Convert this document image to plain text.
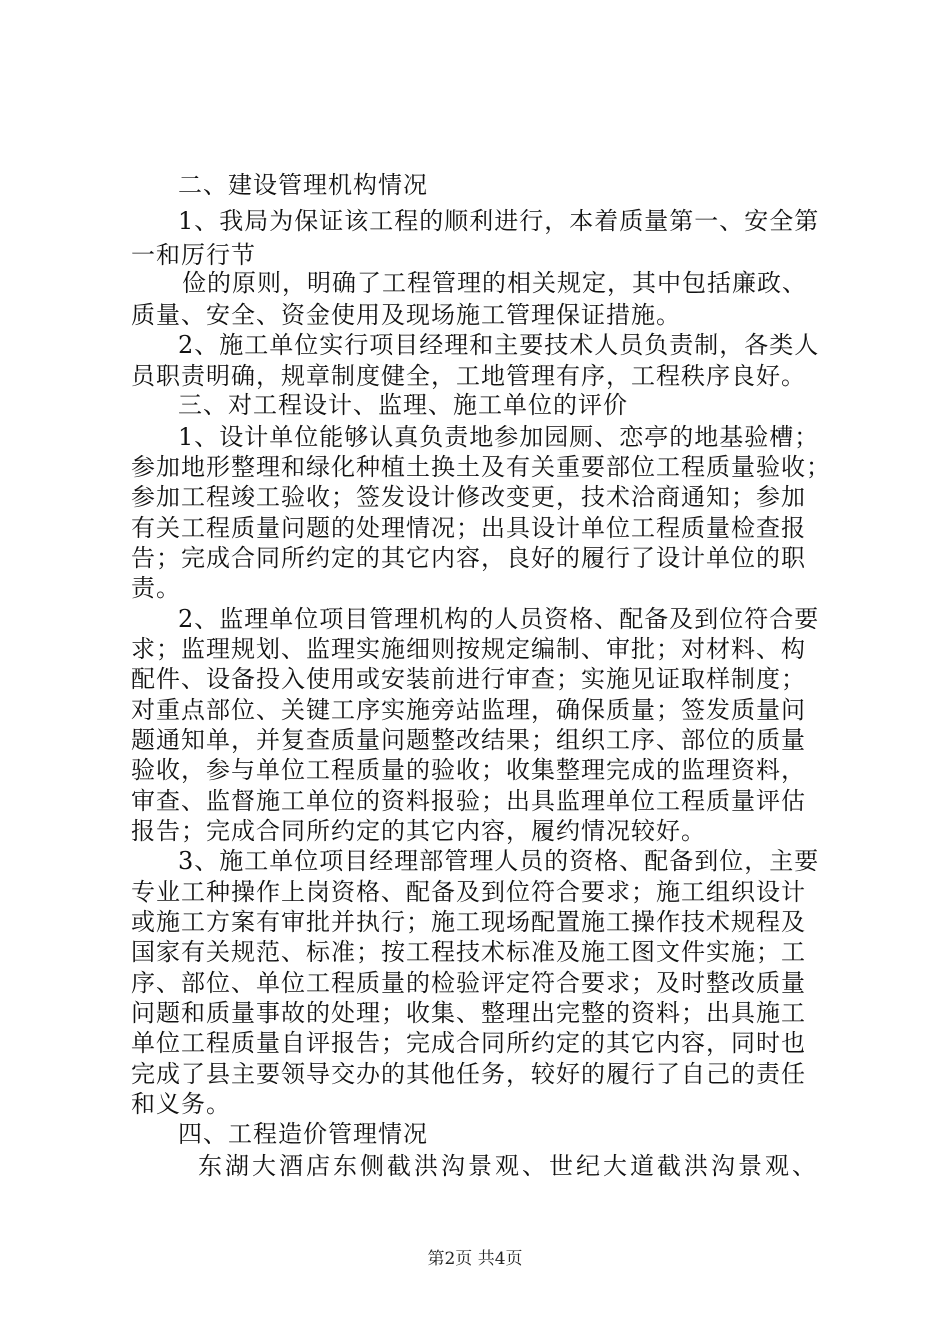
二、建设管理机构情况
1、我局为保证该工程的顺利进行，本着质量第一、安全第
一和厉行节
俭的原则，明确了工程管理的相关规定，其中包括廉政、
质量、安全、资金使用及现场施工管理保证措施。
2、施工单位实行项目经理和主要技术人员负责制，各类人
员职责明确，规章制度健全，工地管理有序，工程秩序良好。
三、对工程设计、监理、施工单位的评价
1、设计单位能够认真负责地参加园厕、恋亭的地基验槽；
参加地形整理和绿化种植土换土及有关重要部位工程质量验收；
参加工程竣工验收；签发设计修改变更，技术洽商通知；参加
有关工程质量问题的处理情况；出具设计单位工程质量检查报
告；完成合同所约定的其它内容，良好的履行了设计单位的职
责。
2、监理单位项目管理机构的人员资格、配备及到位符合要
求；监理规划、监理实施细则按规定编制、审批；对材料、构
配件、设备投入使用或安装前进行审查；实施见证取样制度；
对重点部位、关键工序实施旁站监理，确保质量；签发质量问
题通知单，并复查质量问题整改结果；组织工序、部位的质量
验收，参与单位工程质量的验收；收集整理完成的监理资料，
审查、监督施工单位的资料报验；出具监理单位工程质量评估
报告；完成合同所约定的其它内容，履约情况较好。
3、施工单位项目经理部管理人员的资格、配备到位，主要
专业工种操作上岗资格、配备及到位符合要求；施工组织设计
或施工方案有审批并执行；施工现场配置施工操作技术规程及
国家有关规范、标准；按工程技术标准及施工图文件实施；工
序、部位、单位工程质量的检验评定符合要求；及时整改质量
问题和质量事故的处理；收集、整理出完整的资料；出具施工
单位工程质量自评报告；完成合同所约定的其它内容，同时也
完成了县主要领导交办的其他任务，较好的履行了自己的责任
和义务。
四、工程造价管理情况
东湖大酒店东侧截洪沟景观、世纪大道截洪沟景观、
第2页 共4页
